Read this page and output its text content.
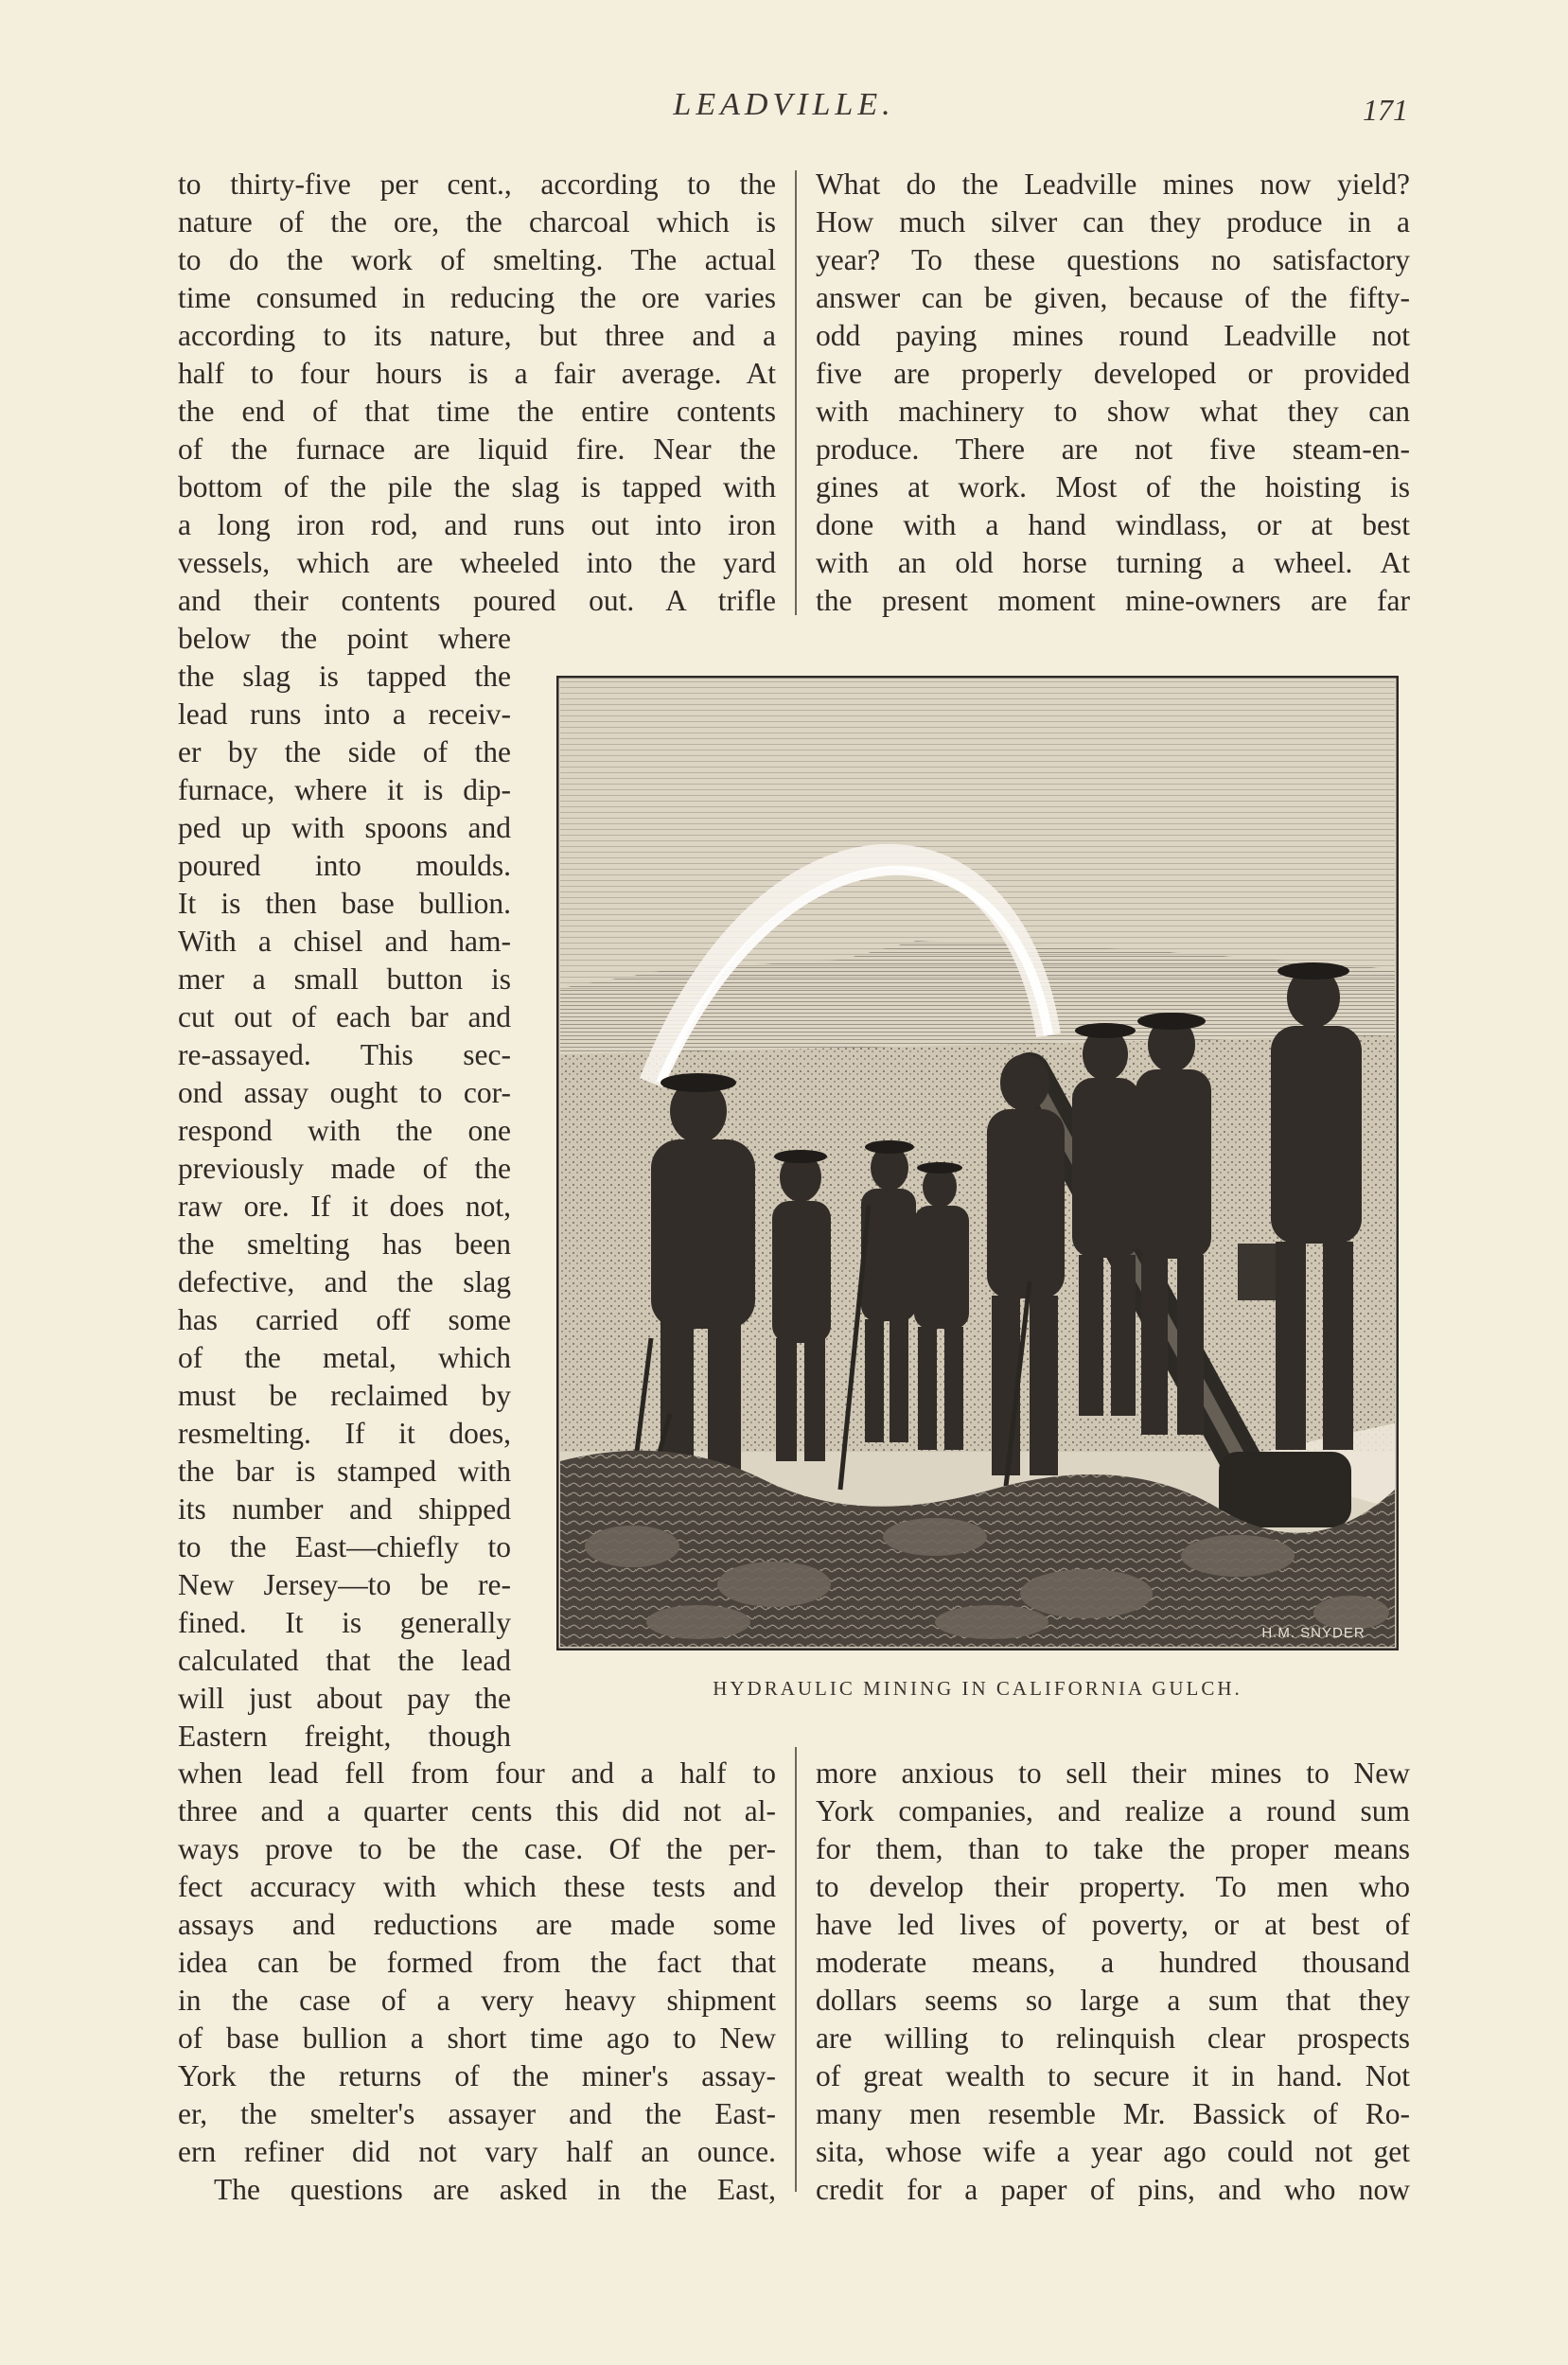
LEADVILLE.	171
to thirty-five per cent., according to the
nature of the ore, the charcoal which is
to do the work of smelting. The actual
time consumed in reducing the ore varies
according to its nature, but three and a
half to four hours is a fair average. At
the end of that time the entire contents
of the furnace are liquid fire. Near the
bottom of the pile the slag is tapped with
a long iron rod, and runs out into iron
vessels, which are wheeled into the yard
and their contents poured out. A trifle
What do the Leadville mines now yield?
How much silver can they produce in a
year? To these questions no satisfactory
answer can be given, because of the fifty-
odd paying mines round Leadville not
five are properly developed or provided
with machinery to show what they can
produce. There are not five steam-en-
gines at work. Most of the hoisting is
done with a hand windlass, or at best
with an old horse turning a wheel. At
the present moment mine-owners are far
below the point where
the slag is tapped the
lead runs into a receiv-
er by the side of the
furnace, where it is dip-
ped up with spoons and
poured into moulds.
It is then base bullion.
With a chisel and ham-
mer a small button is
cut out of each bar and
re-assayed. This sec-
ond assay ought to cor-
respond with the one
previously made of the
raw ore. If it does not,
the smelting has been
defective, and the slag
has carried off some
of the metal, which
must be reclaimed by
resmelting. If it does,
the bar is stamped with
its number and shipped
to the East—chiefly to
New Jersey—to be re-
fined. It is generally
calculated that the lead
will just about pay the
Eastern freight, though
H.M. SNYDER
HYDRAULIC MINING IN CALIFORNIA GULCH.
when lead fell from four and a half to
three and a quarter cents this did not al-
ways prove to be the case. Of the per-
fect accuracy with which these tests and
assays and reductions are made some
idea can be formed from the fact that
in the case of a very heavy shipment
of base bullion a short time ago to New
York the returns of the miner's assay-
er, the smelter's assayer and the East-
ern refiner did not vary half an ounce.
The questions are asked in the East,
more anxious to sell their mines to New
York companies, and realize a round sum
for them, than to take the proper means
to develop their property. To men who
have led lives of poverty, or at best of
moderate means, a hundred thousand
dollars seems so large a sum that they
are willing to relinquish clear prospects
of great wealth to secure it in hand. Not
many men resemble Mr. Bassick of Ro-
sita, whose wife a year ago could not get
credit for a paper of pins, and who now
